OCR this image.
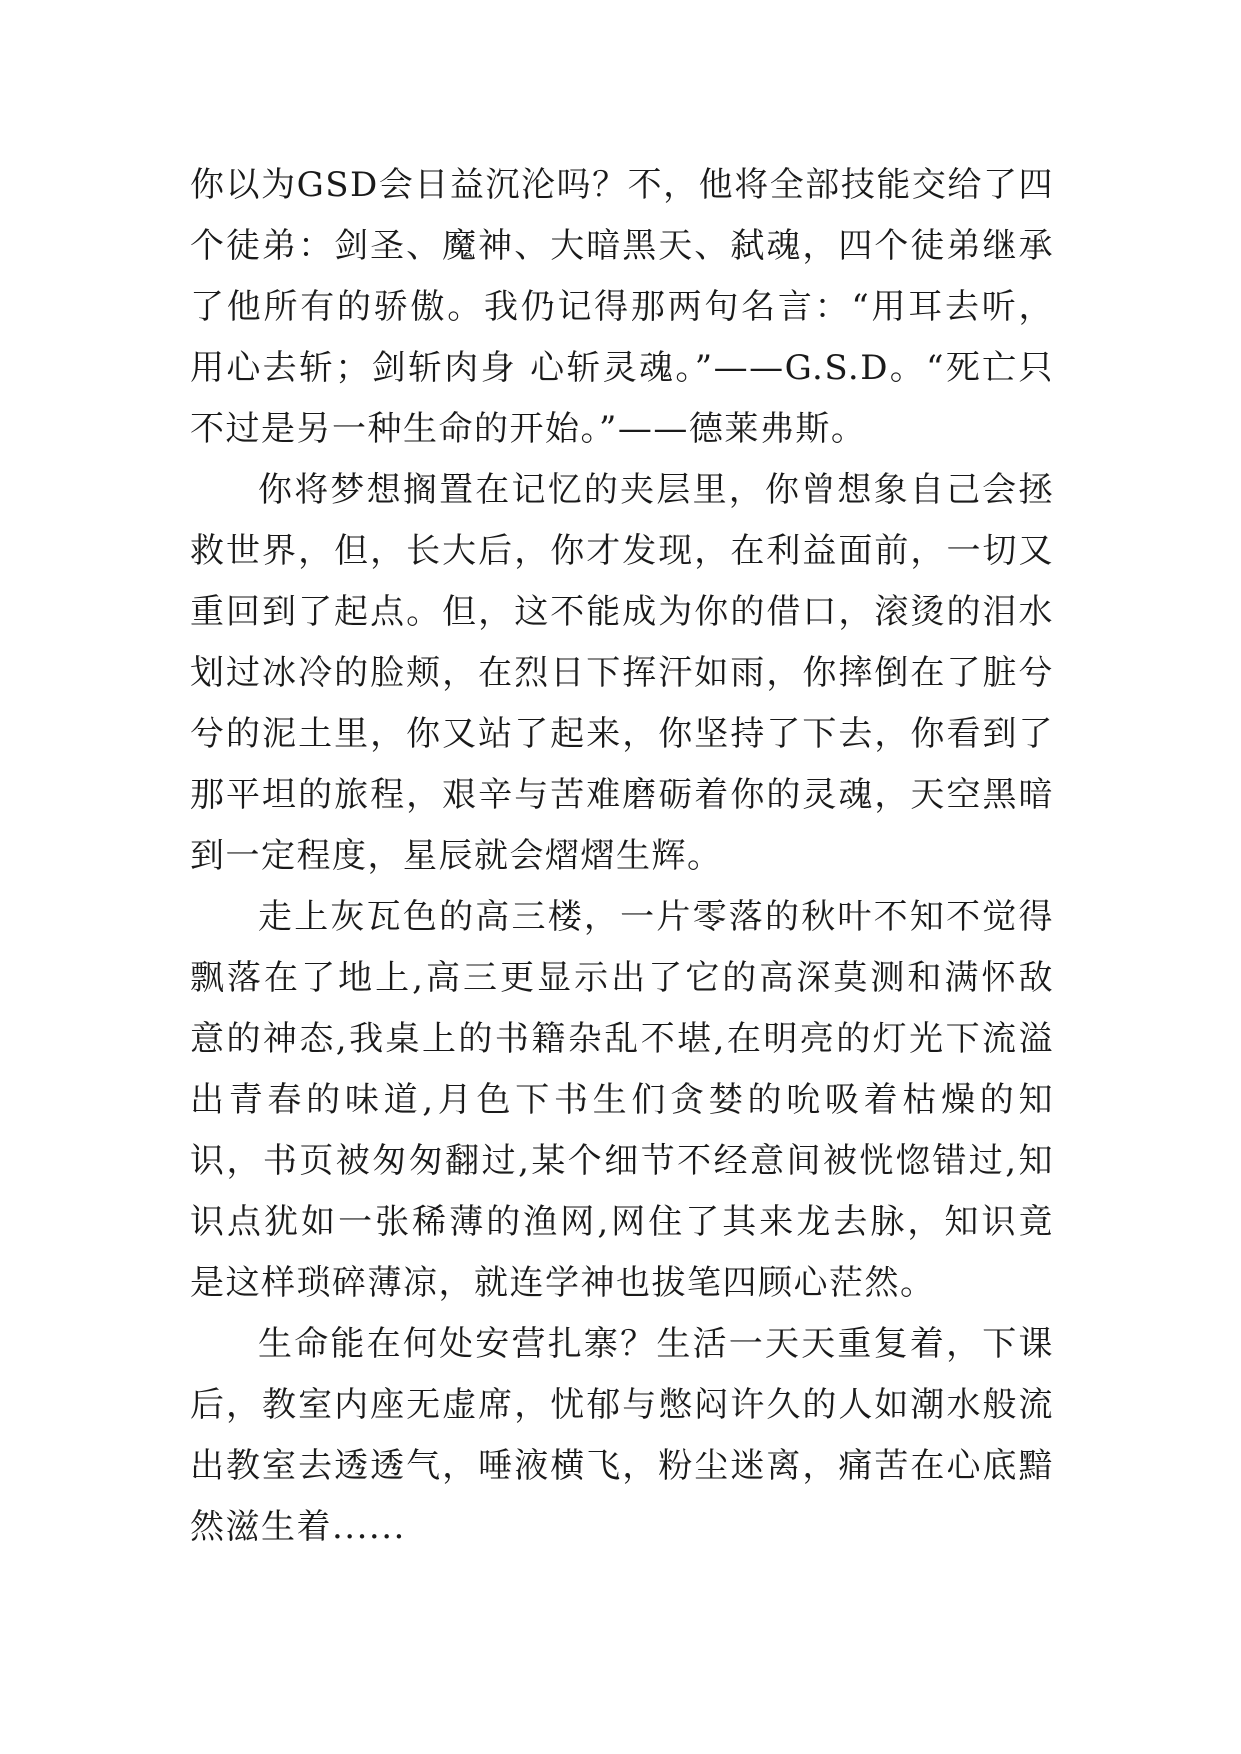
你以为GSD会日益沉沦吗？不，他将全部技能交给了四个徒弟：剑圣、魔神、大暗黑天、弑魂，四个徒弟继承了他所有的骄傲。我仍记得那两句名言：“用耳去听，用心去斩；剑斩肉身 心斩灵魂。”——G.S.D。“死亡只不过是另一种生命的开始。”——德莱弗斯。

你将梦想搁置在记忆的夹层里，你曾想象自己会拯救世界，但，长大后，你才发现，在利益面前，一切又重回到了起点。但，这不能成为你的借口，滚烫的泪水划过冰冷的脸颊，在烈日下挥汗如雨，你摔倒在了脏兮兮的泥土里，你又站了起来，你坚持了下去，你看到了那平坦的旅程，艰辛与苦难磨砺着你的灵魂，天空黑暗到一定程度，星辰就会熠熠生辉。

走上灰瓦色的高三楼，一片零落的秋叶不知不觉得飘落在了地上,高三更显示出了它的高深莫测和满怀敌意的神态,我桌上的书籍杂乱不堪,在明亮的灯光下流溢出青春的味道,月色下书生们贪婪的吮吸着枯燥的知识，书页被匆匆翻过,某个细节不经意间被恍惚错过,知识点犹如一张稀薄的渔网,网住了其来龙去脉，知识竟是这样琐碎薄凉，就连学神也拔笔四顾心茫然。

生命能在何处安营扎寨？生活一天天重复着，下课后，教室内座无虚席，忧郁与憋闷许久的人如潮水般流出教室去透透气，唾液横飞，粉尘迷离，痛苦在心底黯然滋生着......
